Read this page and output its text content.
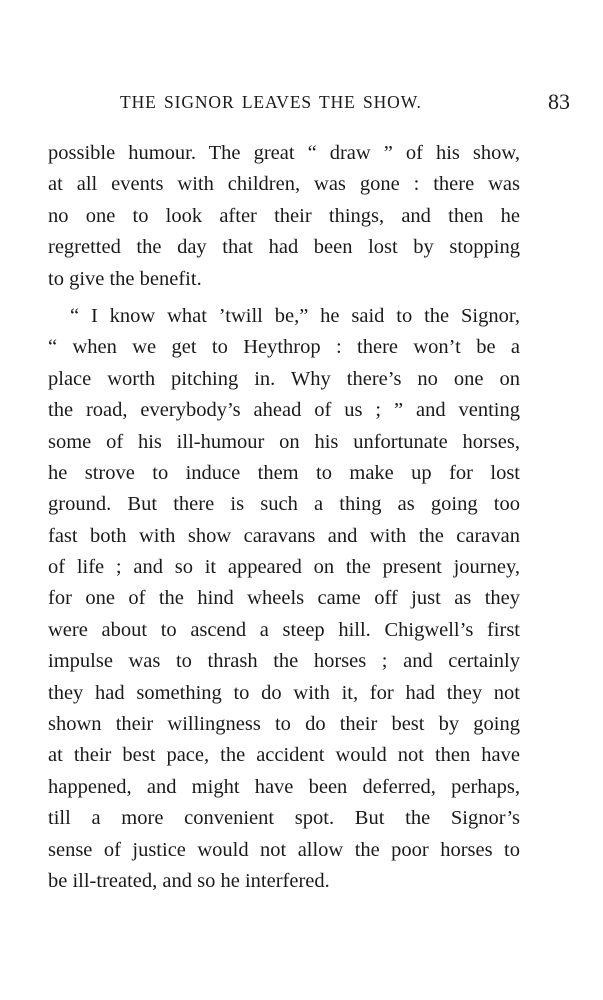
THE SIGNOR LEAVES THE SHOW.	83
possible humour. The great “ draw ” of his show,
at all events with children, was gone : there was
no one to look after their things, and then he
regretted the day that had been lost by stopping
to give the benefit.
“ I know what ’twill be,” he said to the Signor,
“ when we get to Heythrop : there won’t be a
place worth pitching in. Why there’s no one on
the road, everybody’s ahead of us ; ” and venting
some of his ill-humour on his unfortunate horses,
he strove to induce them to make up for lost
ground. But there is such a thing as going too
fast both with show caravans and with the caravan
of life ; and so it appeared on the present journey,
for one of the hind wheels came off just as they
were about to ascend a steep hill. Chigwell’s first
impulse was to thrash the horses ; and certainly
they had something to do with it, for had they not
shown their willingness to do their best by going
at their best pace, the accident would not then have
happened, and might have been deferred, perhaps,
till a more convenient spot. But the Signor’s
sense of justice would not allow the poor horses to
be ill-treated, and so he interfered.
